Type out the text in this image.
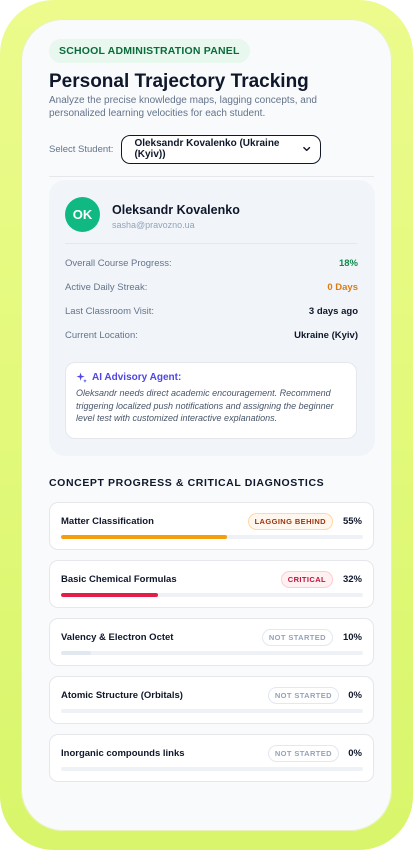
SCHOOL ADMINISTRATION PANEL
Personal Trajectory Tracking
Analyze the precise knowledge maps, lagging concepts, and personalized learning velocities for each student.
Select Student: Oleksandr Kovalenko (Ukraine (Kyiv))
OK	Oleksandr Kovalenko
sasha@pravozno.ua
Overall Course Progress:	18%
Active Daily Streak:	0 Days
Last Classroom Visit:	3 days ago
Current Location:	Ukraine (Kyiv)
AI Advisory Agent:
Oleksandr needs direct academic encouragement. Recommend triggering localized push notifications and assigning the beginner level test with customized interactive explanations.
CONCEPT PROGRESS & CRITICAL DIAGNOSTICS
Matter Classification	LAGGING BEHIND	55%
Basic Chemical Formulas	CRITICAL	32%
Valency & Electron Octet	NOT STARTED	10%
Atomic Structure (Orbitals)	NOT STARTED	0%
Inorganic compounds links	NOT STARTED	0%
